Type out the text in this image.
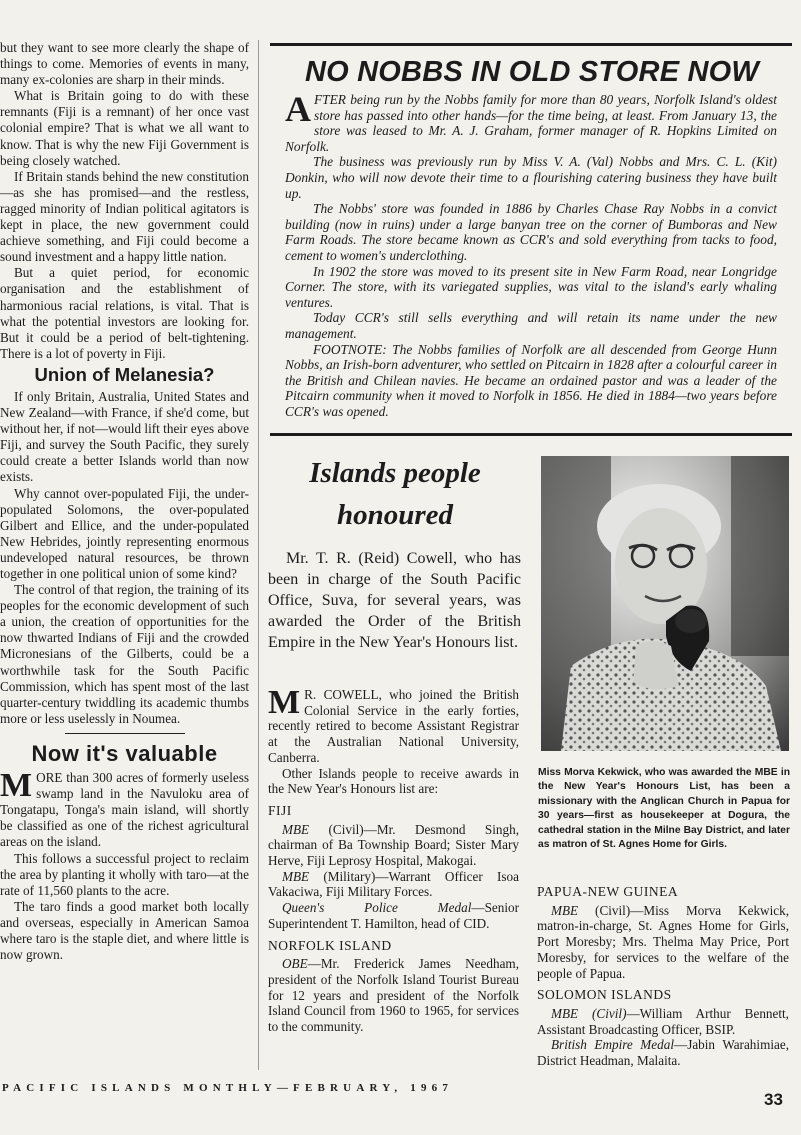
but they want to see more clearly the shape of things to come. Memories of events in many, many ex-colonies are sharp in their minds.

What is Britain going to do with these remnants (Fiji is a remnant) of her once vast colonial empire? That is what we all want to know. That is why the new Fiji Government is being closely watched.

If Britain stands behind the new constitution—as she has promised—and the restless, ragged minority of Indian political agitators is kept in place, the new government could achieve something, and Fiji could become a sound investment and a happy little nation.

But a quiet period, for economic organisation and the establishment of harmonious racial relations, is vital. That is what the potential investors are looking for. But it could be a period of belt-tightening. There is a lot of poverty in Fiji.

Union of Melanesia?

If only Britain, Australia, United States and New Zealand—with France, if she'd come, but without her, if not—would lift their eyes above Fiji, and survey the South Pacific, they surely could create a better Islands world than now exists.

Why cannot over-populated Fiji, the under-populated Solomons, the over-populated Gilbert and Ellice, and the under-populated New Hebrides, jointly representing enormous undeveloped natural resources, be thrown together in one political union of some kind?

The control of that region, the training of its peoples for the economic development of such a union, the creation of opportunities for the now thwarted Indians of Fiji and the crowded Micronesians of the Gilberts, could be a worthwhile task for the South Pacific Commission, which has spent most of the last quarter-century twiddling its academic thumbs more or less uselessly in Noumea.

Now it's valuable

MORE than 300 acres of formerly useless swamp land in the Navuloku area of Tongatapu, Tonga's main island, will shortly be classified as one of the richest agricultural areas on the island.

This follows a successful project to reclaim the area by planting it wholly with taro—at the rate of 11,560 plants to the acre.

The taro finds a good market both locally and overseas, especially in American Samoa where taro is the staple diet, and where little is now grown.

NO NOBBS IN OLD STORE NOW

AFTER being run by the Nobbs family for more than 80 years, Norfolk Island's oldest store has passed into other hands—for the time being, at least. From January 13, the store was leased to Mr. A. J. Graham, former manager of R. Hopkins Limited on Norfolk.

The business was previously run by Miss V. A. (Val) Nobbs and Mrs. C. L. (Kit) Donkin, who will now devote their time to a flourishing catering business they have built up.

The Nobbs' store was founded in 1886 by Charles Chase Ray Nobbs in a convict building (now in ruins) under a large banyan tree on the corner of Bumboras and New Farm Roads. The store became known as CCR's and sold everything from tacks to food, cement to women's underclothing.

In 1902 the store was moved to its present site in New Farm Road, near Longridge Corner. The store, with its variegated supplies, was vital to the island's early whaling ventures.

Today CCR's still sells everything and will retain its name under the new management.

FOOTNOTE: The Nobbs families of Norfolk are all descended from George Hunn Nobbs, an Irish-born adventurer, who settled on Pitcairn in 1828 after a colourful career in the British and Chilean navies. He became an ordained pastor and was a leader of the Pitcairn community when it moved to Norfolk in 1856. He died in 1884—two years before CCR's was opened.

Islands people
honoured

Mr. T. R. (Reid) Cowell, who has been in charge of the South Pacific Office, Suva, for several years, was awarded the Order of the British Empire in the New Year's Honours list.

M R. COWELL, who joined the British Colonial Service in the early forties, recently retired to become Assistant Registrar at the Australian National University, Canberra.

Other Islands people to receive awards in the New Year's Honours list are:

FIJI

MBE (Civil)—Mr. Desmond Singh, chairman of Ba Township Board; Sister Mary Herve, Fiji Leprosy Hospital, Makogai.

MBE (Military)—Warrant Officer Isoa Vakaciwa, Fiji Military Forces.

Queen's Police Medal—Senior Superintendent T. Hamilton, head of CID.

NORFOLK ISLAND

OBE—Mr. Frederick James Needham, president of the Norfolk Island Tourist Bureau for 12 years and president of the Norfolk Island Council from 1960 to 1965, for services to the community.

Miss Morva Kekwick, who was awarded the MBE in the New Year's Honours List, has been a missionary with the Anglican Church in Papua for 30 years—first as housekeeper at Dogura, the cathedral station in the Milne Bay District, and later as matron of St. Agnes Home for Girls.

PAPUA-NEW GUINEA

MBE (Civil)—Miss Morva Kekwick, matron-in-charge, St. Agnes Home for Girls, Port Moresby; Mrs. Thelma May Price, Port Moresby, for services to the welfare of the people of Papua.

SOLOMON ISLANDS

MBE (Civil)—William Arthur Bennett, Assistant Broadcasting Officer, BSIP.

British Empire Medal—Jabin Warahimiae, District Headman, Malaita.

PACIFIC ISLANDS MONTHLY—FEBRUARY, 1967
33
